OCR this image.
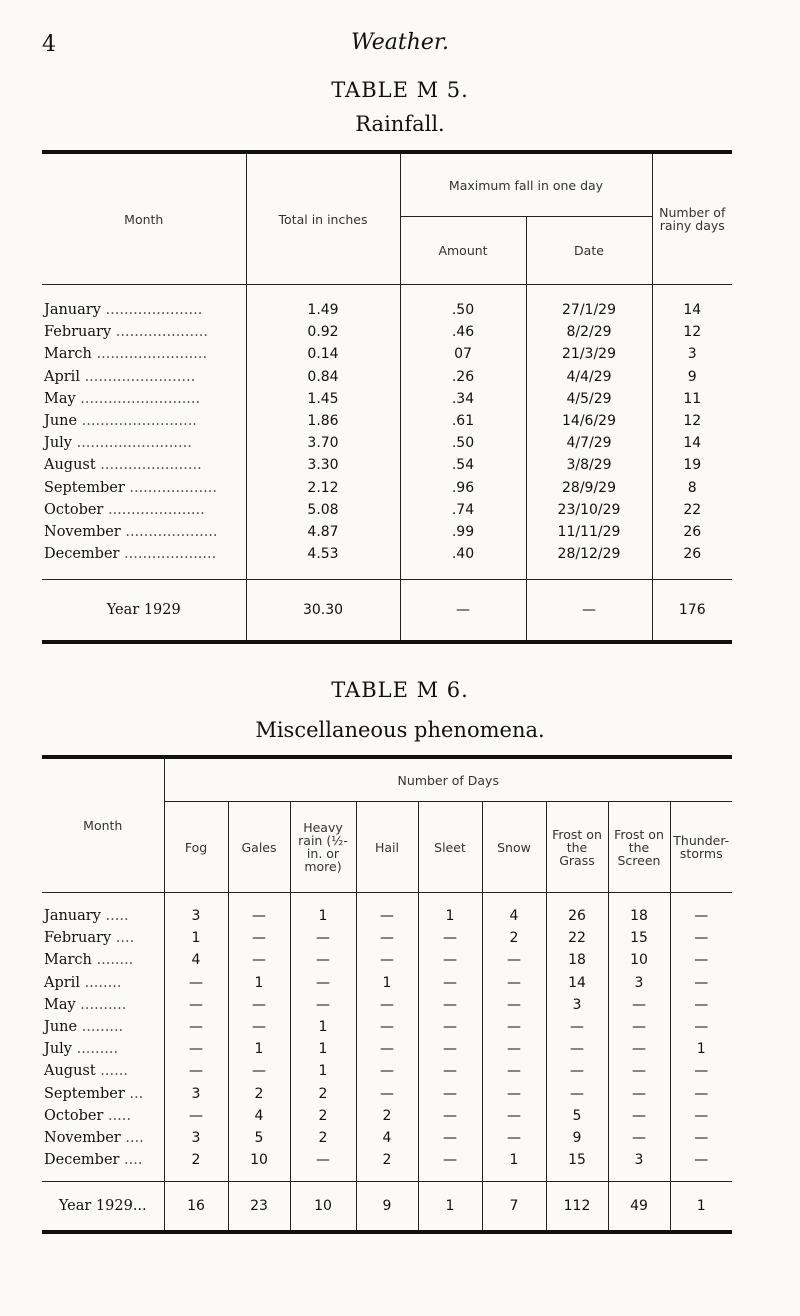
4	Weather.
TABLE M 5.
Rainfall.
Month	Total in inches	Maximum fall in one day		Number of rainy days
		Amount	Date	
January .....................	1.49	.50	27/1/29	14
February ....................	0.92	.46	8/2/29	12
March ........................	0.14	07	21/3/29	3
April ........................	0.84	.26	4/4/29	9
May ..........................	1.45	.34	4/5/29	11
June .........................	1.86	.61	14/6/29	12
July .........................	3.70	.50	4/7/29	14
August ......................	3.30	.54	3/8/29	19
September ...................	2.12	.96	28/9/29	8
October .....................	5.08	.74	23/10/29	22
November ....................	4.87	.99	11/11/29	26
December ....................	4.53	.40	28/12/29	26
Year 1929	30.30	—	—	176
TABLE M 6.
Miscellaneous phenomena.
Month	Number of Days								
	Fog	Gales	Heavy rain (½-in. or more)	Hail	Sleet	Snow	Frost on the Grass	Frost on the Screen	Thunder-storms
January .....	3	—	1	—	1	4	26	18	—
February ....	1	—	—	—	—	2	22	15	—
March ........	4	—	—	—	—	—	18	10	—
April ........	—	1	—	1	—	—	14	3	—
May ..........	—	—	—	—	—	—	3	—	—
June .........	—	—	1	—	—	—	—	—	—
July .........	—	1	1	—	—	—	—	—	1
August ......	—	—	1	—	—	—	—	—	—
September ...	3	2	2	—	—	—	—	—	—
October .....	—	4	2	2	—	—	5	—	—
November ....	3	5	2	4	—	—	9	—	—
December ....	2	10	—	2	—	1	15	3	—
Year 1929...	16	23	10	9	1	7	112	49	1
